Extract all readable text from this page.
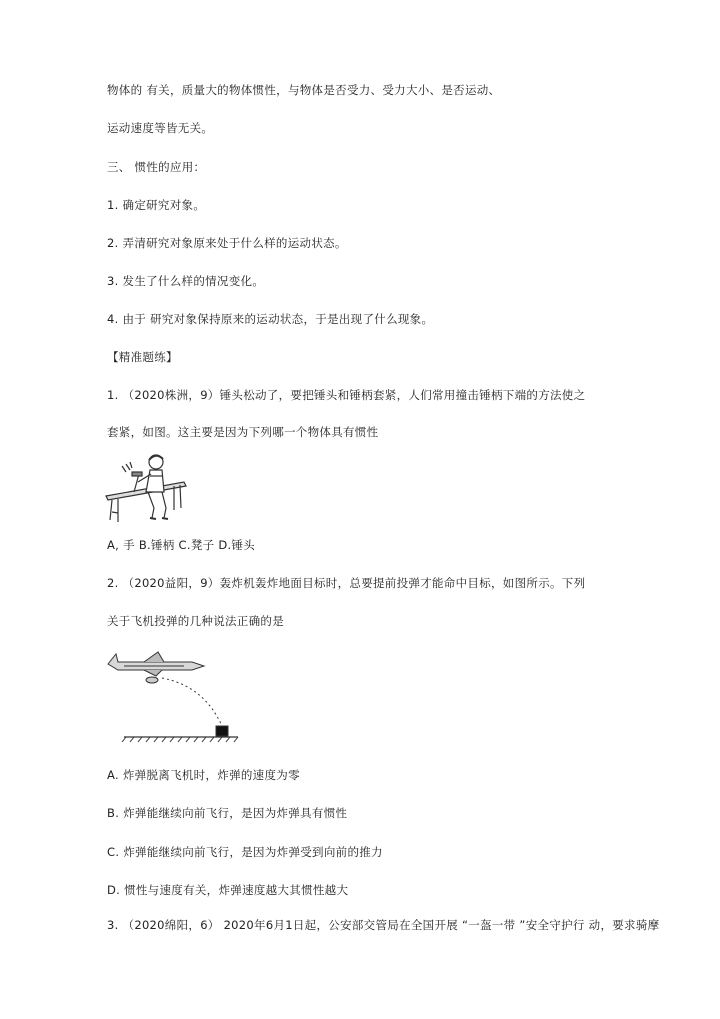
物体的 有关，质量大的物体惯性，与物体是否受力、受力大小、是否运动、
运动速度等皆无关。
三、 惯性的应用：
1. 确定研究对象。
2. 弄清研究对象原来处于什么样的运动状态。
3. 发生了什么样的情况变化。
4. 由于 研究对象保持原来的运动状态，于是出现了什么现象。
【精准题练】
1. （2020株洲，9）锤头松动了，要把锤头和锤柄套紧，人们常用撞击锤柄下端的方法使之
套紧，如图。这主要是因为下列哪一个物体具有惯性
A, 手 B.锤柄 C.凳子 D.锤头
2. （2020益阳，9）轰炸机轰炸地面目标时，总要提前投弹才能命中目标，如图所示。下列
关于飞机投弹的几种说法正确的是
A. 炸弹脱离飞机时，炸弹的速度为零
B. 炸弹能继续向前飞行，是因为炸弹具有惯性
C. 炸弹能继续向前飞行，是因为炸弹受到向前的推力
D. 惯性与速度有关，炸弹速度越大其惯性越大
3. （2020绵阳，6） 2020年6月1日起，公安部交管局在全国开展 “一盔一带 ”安全守护行 动，要求骑摩
